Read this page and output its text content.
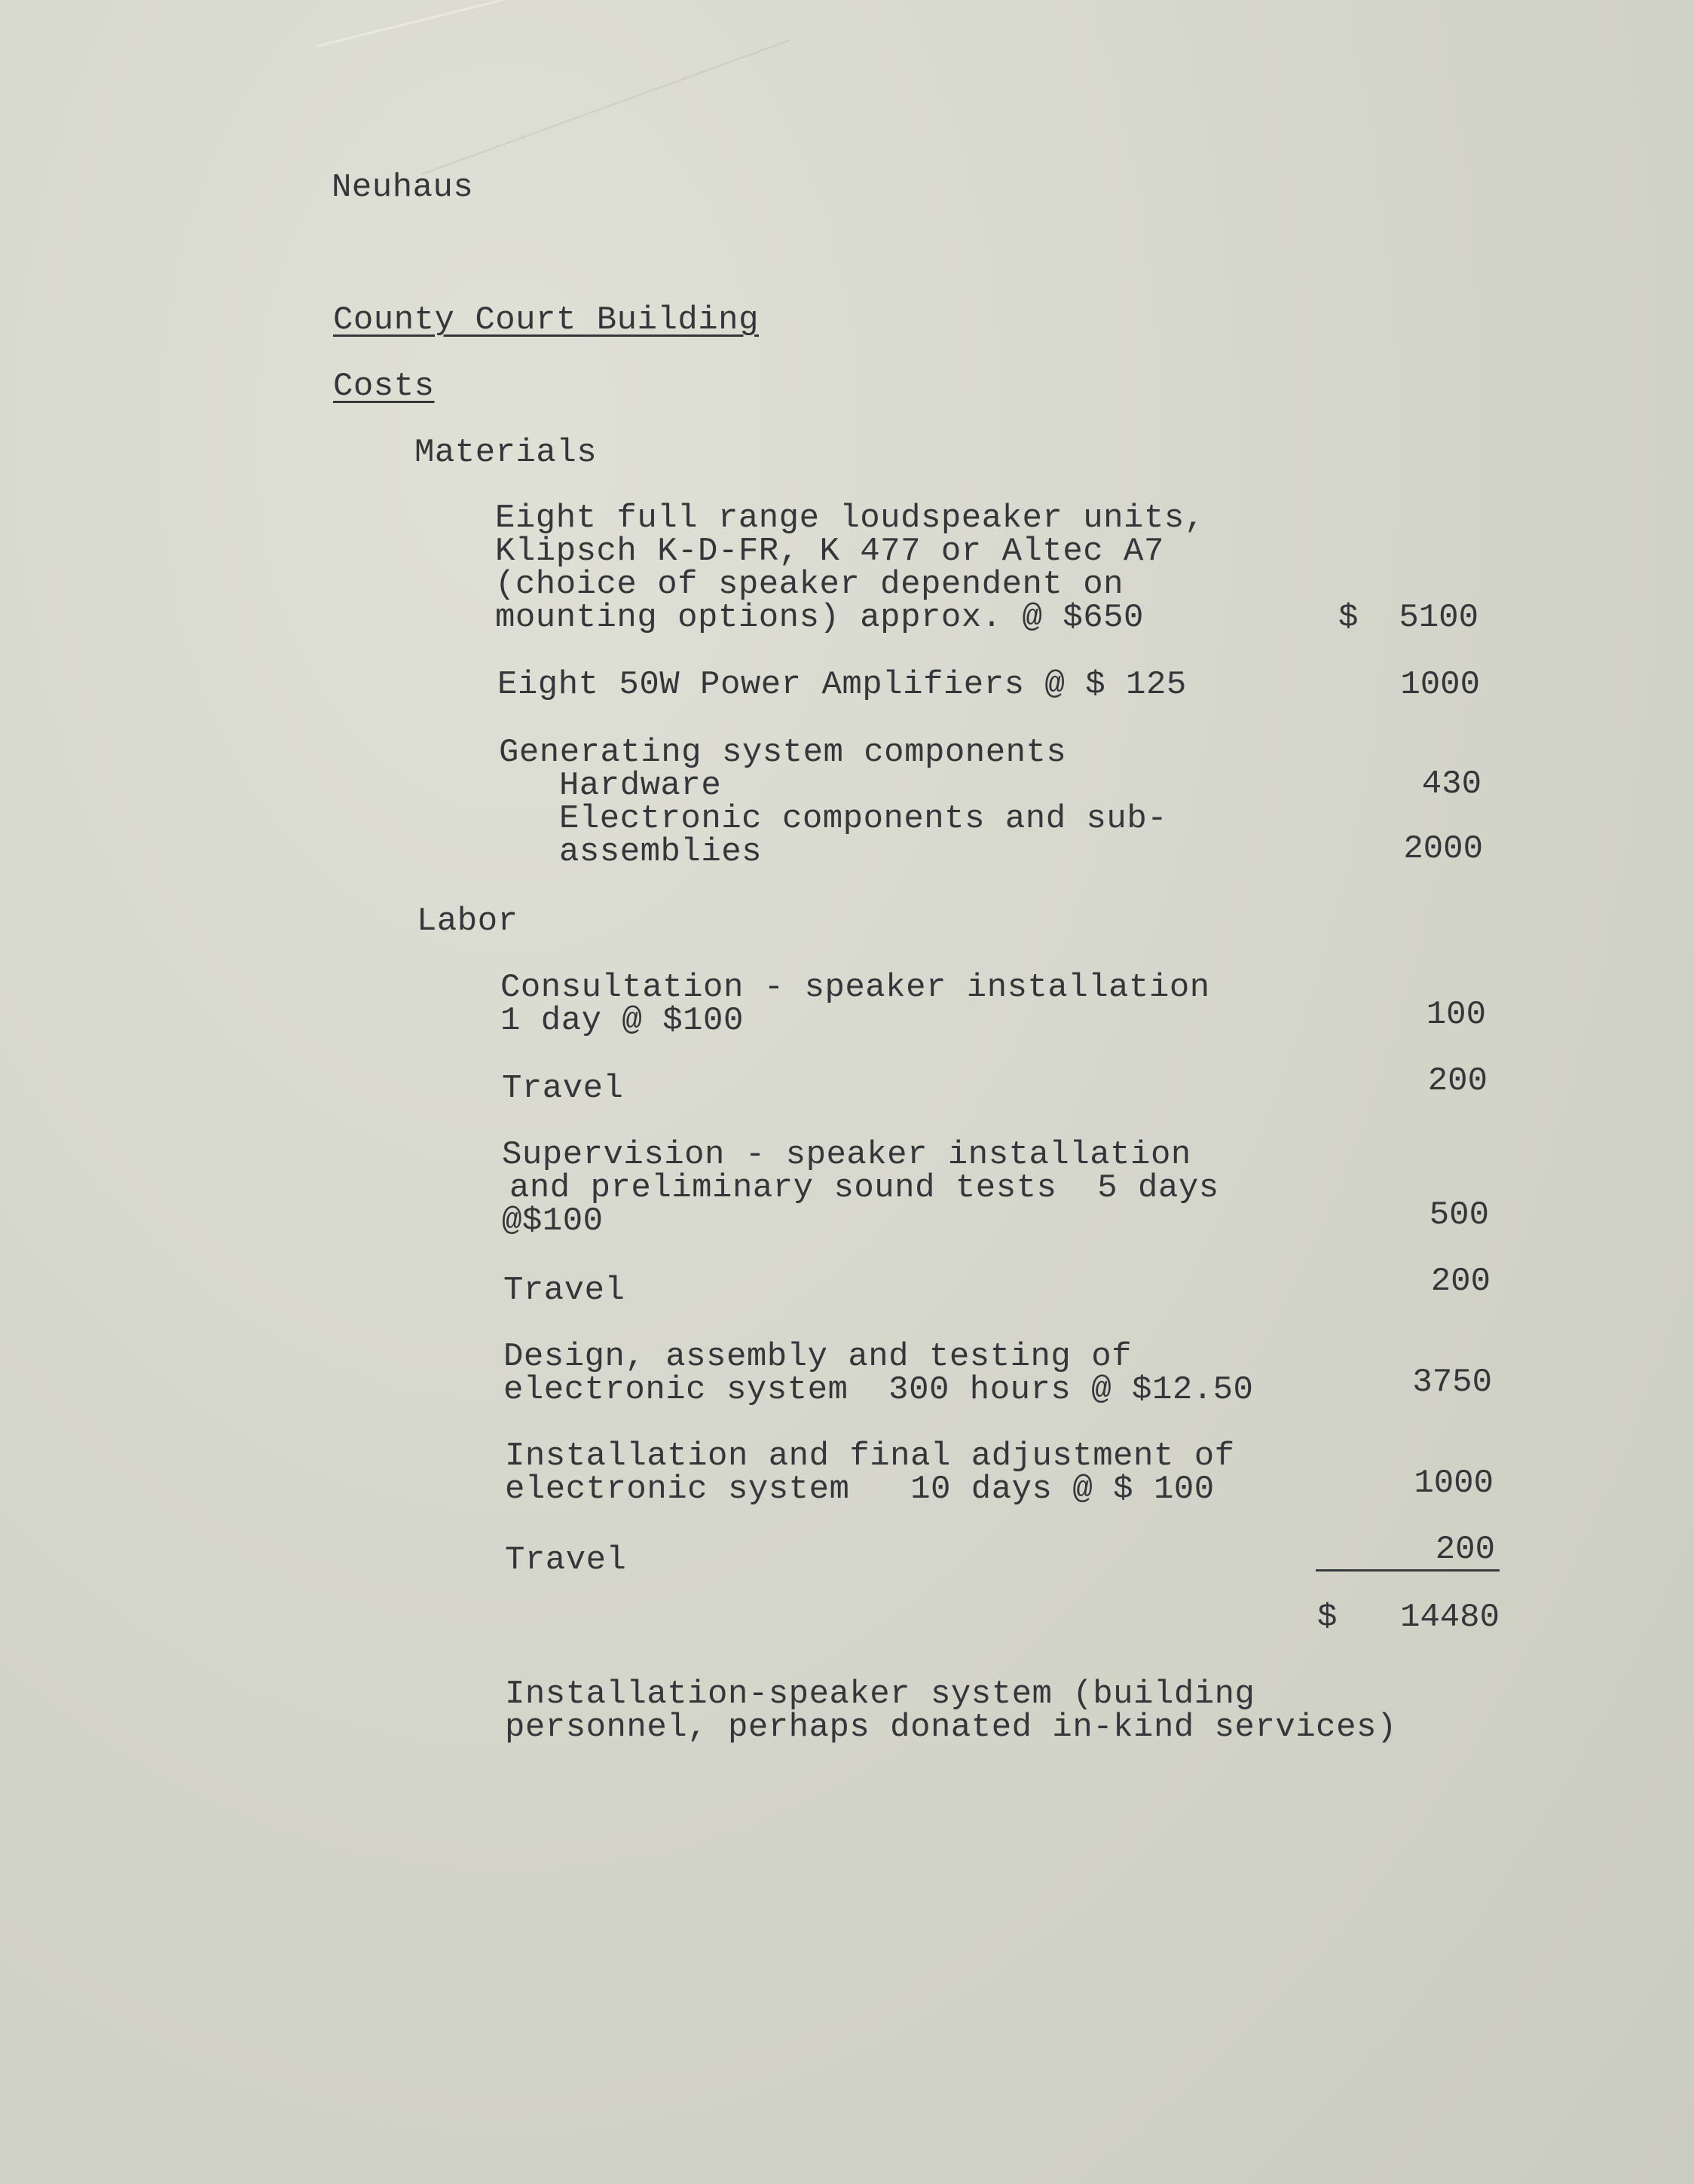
Neuhaus
County Court Building
Costs
Materials
Eight full range loudspeaker units,
Klipsch K-D-FR, K 477 or Altec A7
(choice of speaker dependent on
mounting options) approx. @ $650	$	5100
Eight 50W Power Amplifiers @ $ 125	1000
Generating system components
Hardware	430
Electronic components and sub-
assemblies	2000
Labor
Consultation - speaker installation
1 day @ $100	100
Travel	200
Supervision - speaker installation
and preliminary sound tests  5 days
@$100	500
Travel	200
Design, assembly and testing of
electronic system  300 hours @ $12.50	3750
Installation and final adjustment of
electronic system   10 days @ $ 100	1000
Travel	200
$	14480
Installation-speaker system (building
personnel, perhaps donated in-kind services)
